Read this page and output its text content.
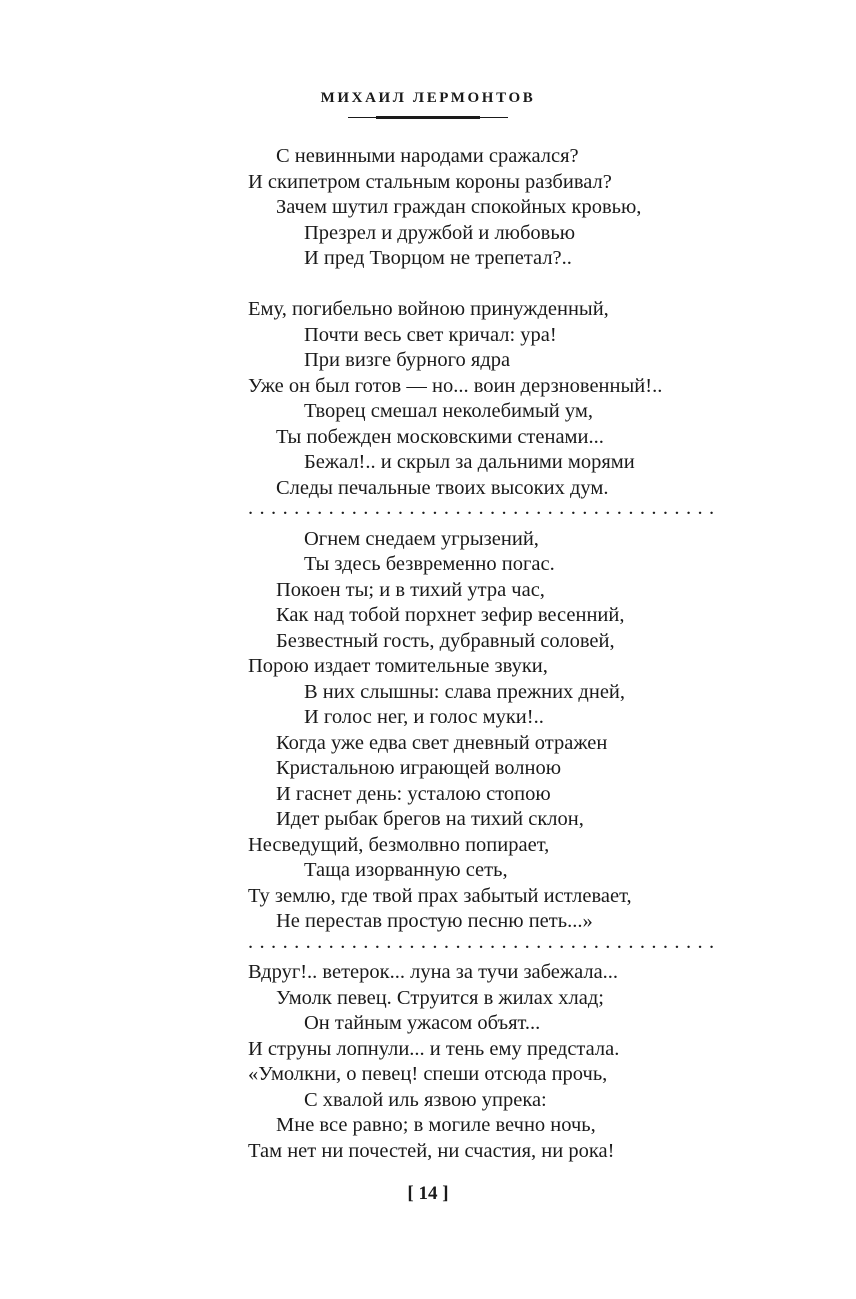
МИХАИЛ ЛЕРМОНТОВ
С невинными народами сражался?
И скипетром стальным короны разбивал?
Зачем шутил граждан спокойных кровью,
Презрел и дружбой и любовью
И пред Творцом не трепетал?..
Ему, погибельно войною принужденный,
Почти весь свет кричал: ура!
При визге бурного ядра
Уже он был готов — но... воин дерзновенный!..
Творец смешал неколебимый ум,
Ты побежден московскими стенами...
Бежал!.. и скрыл за дальними морями
Следы печальные твоих высоких дум.
.........................................
Огнем снедаем угрызений,
Ты здесь безвременно погас.
Покоен ты; и в тихий утра час,
Как над тобой порхнет зефир весенний,
Безвестный гость, дубравный соловей,
Порою издает томительные звуки,
В них слышны: слава прежних дней,
И голос нег, и голос муки!..
Когда уже едва свет дневный отражен
Кристальною играющей волною
И гаснет день: усталою стопою
Идет рыбак брегов на тихий склон,
Несведущий, безмолвно попирает,
Таща изорванную сеть,
Ту землю, где твой прах забытый истлевает,
Не перестав простую песню петь...»
.........................................
Вдруг!.. ветерок... луна за тучи забежала...
Умолк певец. Струится в жилах хлад;
Он тайным ужасом объят...
И струны лопнули... и тень ему предстала.
«Умолкни, о певец! спеши отсюда прочь,
С хвалой иль язвою упрека:
Мне все равно; в могиле вечно ночь,
Там нет ни почестей, ни счастия, ни рока!
[ 14 ]
